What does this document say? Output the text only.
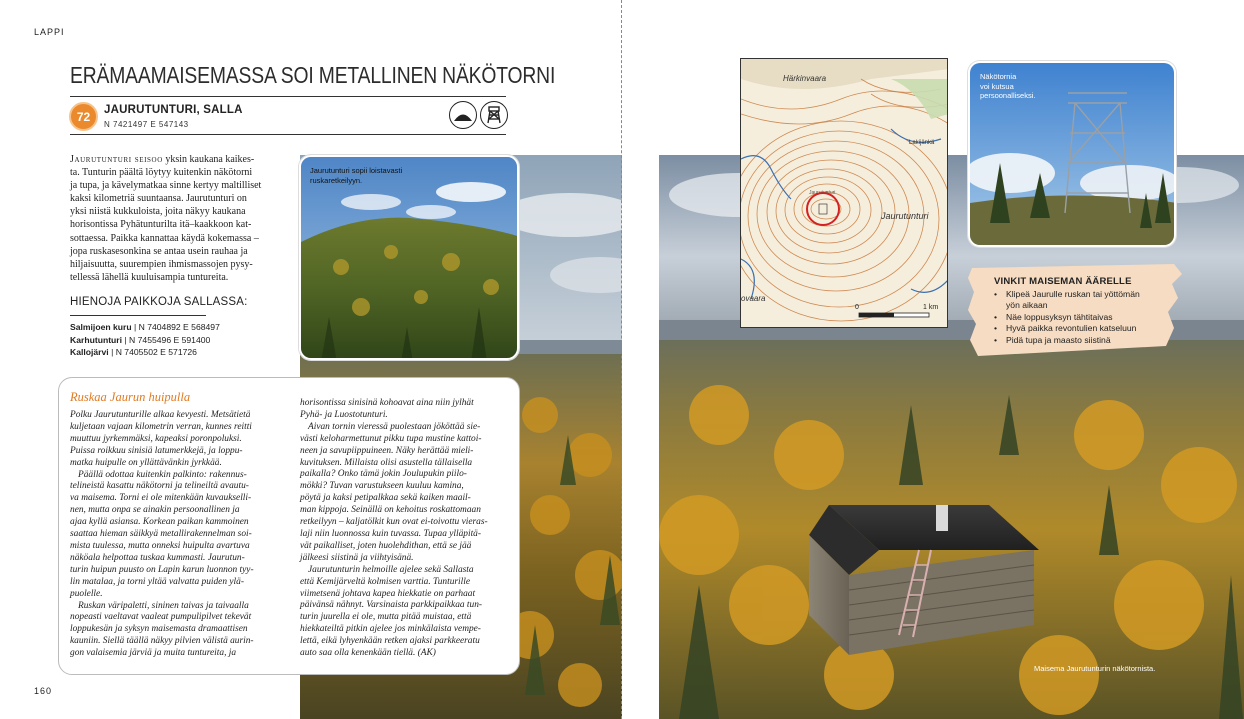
LAPPI
ERÄMAAMAISEMASSA SOI METALLINEN NÄKÖTORNI
72	JAURUTUNTURI, SALLA
N 7421497 E 547143
Jaurutunturi seisoo yksin kaukana kaikes-
ta. Tunturin päältä löytyy kuitenkin näkötorni
ja tupa, ja kävelymatkaa sinne kertyy maltilliset
kaksi kilometriä suuntaansa. Jaurutunturi on
yksi niistä kukkuloista, joita näkyy kaukana
horisontissa Pyhätunturilta itä–kaakkoon kat-
sottaessa. Paikka kannattaa käydä kokemassa –
jopa ruskasesonkina se antaa usein rauhaa ja
hiljaisuutta, suurempien ihmismassojen pysy-
tellessä lähellä kuuluisampia tuntureita.
HIENOJA PAIKKOJA SALLASSA:
Salmijoen kuru | N 7404892 E 568497
Karhutunturi | N 7455496 E 591400
Kallojärvi | N 7405502 E 571726
Jaurutunturi sopii loistavasti
ruskaretkeilyyn.
Ruskaa Jaurun huipulla

Polku Jaurutunturille alkaa kevyesti. Metsätietä
kuljetaan vajaan kilometrin verran, kunnes reitti
muuttuu jyrkemmäksi, kapeaksi poronpoluksi.
Puissa roikkuu sinisiä latumerkkejä, ja loppu-
matka huipulle on yllättävänkin jyrkkää.

Päällä odottaa kuitenkin palkinto: rakennus-
telineistä kasattu näkötorni ja telineiltä avautu-
va maisema. Torni ei ole mitenkään kuvaukselli-
nen, mutta onpa se ainakin persoonallinen ja
ajaa kyllä asiansa. Korkean paikan kammoinen
saattaa hieman säikkyä metallirakennelman soi-
mista tuulessa, mutta onneksi huipulta avartuva
näköala helpottaa tuskaa kummasti. Jaurutun-
turin huipun puusto on Lapin karun luonnon tyy-
lin matalaa, ja torni yltää valvatta puiden ylä-
puolelle.

Ruskan väripaletti, sininen taivas ja taivaalla
nopeasti vaeltavat vaaleat pumpulipilvet tekevät
loppukesän ja syksyn maisemasta dramaattisen
kauniin. Siellä täällä näkyy pilvien välistä aurin-
gon valaisemia järviä ja muita tuntureita, ja

horisontissa sinisinä kohoavat aina niin jylhät
Pyhä- ja Luostotunturi.

Aivan tornin vieressä puolestaan jököttää sie-
västi keloharmettunut pikku tupa mustine kattoi-
neen ja savupiippuineen. Näky herättää mieli-
kuvituksen. Millaista olisi asustella tällaisella
paikalla? Onko tämä jokin Joulupukin piilo-
mökki? Tuvan varustukseen kuuluu kamina,
pöytä ja kaksi petipalkkaa sekä kaiken maail-
man kippoja. Seinällä on kehoitus roskattomaan
retkeilyyn – kaljatölkit kun ovat ei-toivottu vieras-
laji niin luonnossa kuin tuvassa. Tupaa ylläpitä-
vät paikalliset, joten huolehdithan, että se jää
jälkeesi siistinä ja viihtyisänä.

Jaurutunturin helmoille ajelee sekä Sallasta
että Kemijärveltä kolmisen varttia. Tunturille
viimetsenä johtava kapea hiekkatie on parhaat
päivänsä nähnyt. Varsinaista parkkipaikkaa tun-
turin juurella ei ole, mutta pitää muistaa, että
hiekkateiltä pitkin ajelee jos minkälaista vempe-
lettä, eikä lyhyenkään retken ajaksi parkkeeratu
auto saa olla kenenkään tiellä. (AK)

160
Härkinvaara
Lakijänkä
Jaurutunturi
Jaurutunturi
ovaara
0	1 km
Näkötornia
voi kutsua
persoonalliseksi.
VINKIT MAISEMAN ÄÄRELLE
• Klipeä Jaurulle ruskan tai yöttömän
yön aikaan
• Näe loppusyksyn tähtitaivas
• Hyvä paikka revontulien katseluun
• Pidä tupa ja maasto siistinä
Maisema Jaurutunturin näkötornista.
